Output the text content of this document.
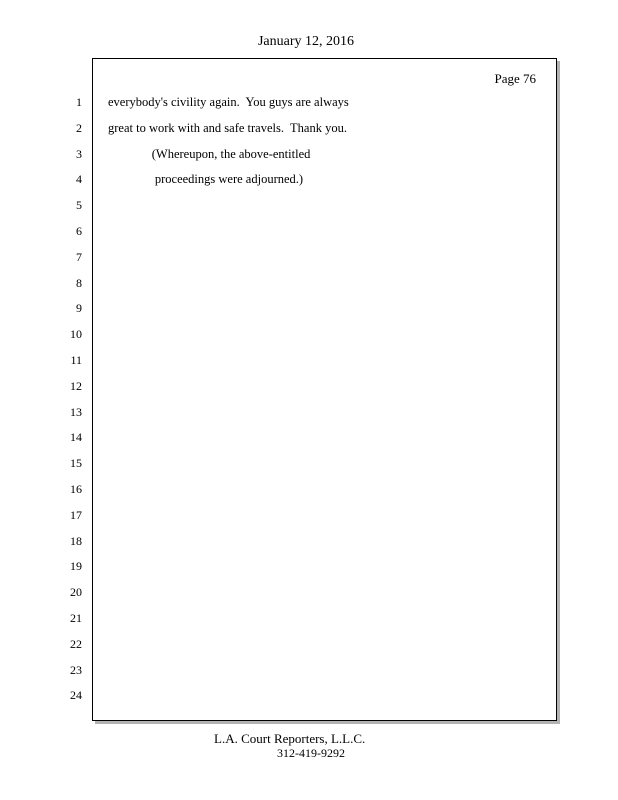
January 12, 2016
Page 76
1
2
3
4
5
6
7
8
9
10
11
12
13
14
15
16
17
18
19
20
21
22
23
24
everybody's civility again.  You guys are always
great to work with and safe travels.  Thank you.
(Whereupon, the above-entitled
proceedings were adjourned.)
L.A. Court Reporters, L.L.C.
312-419-9292
